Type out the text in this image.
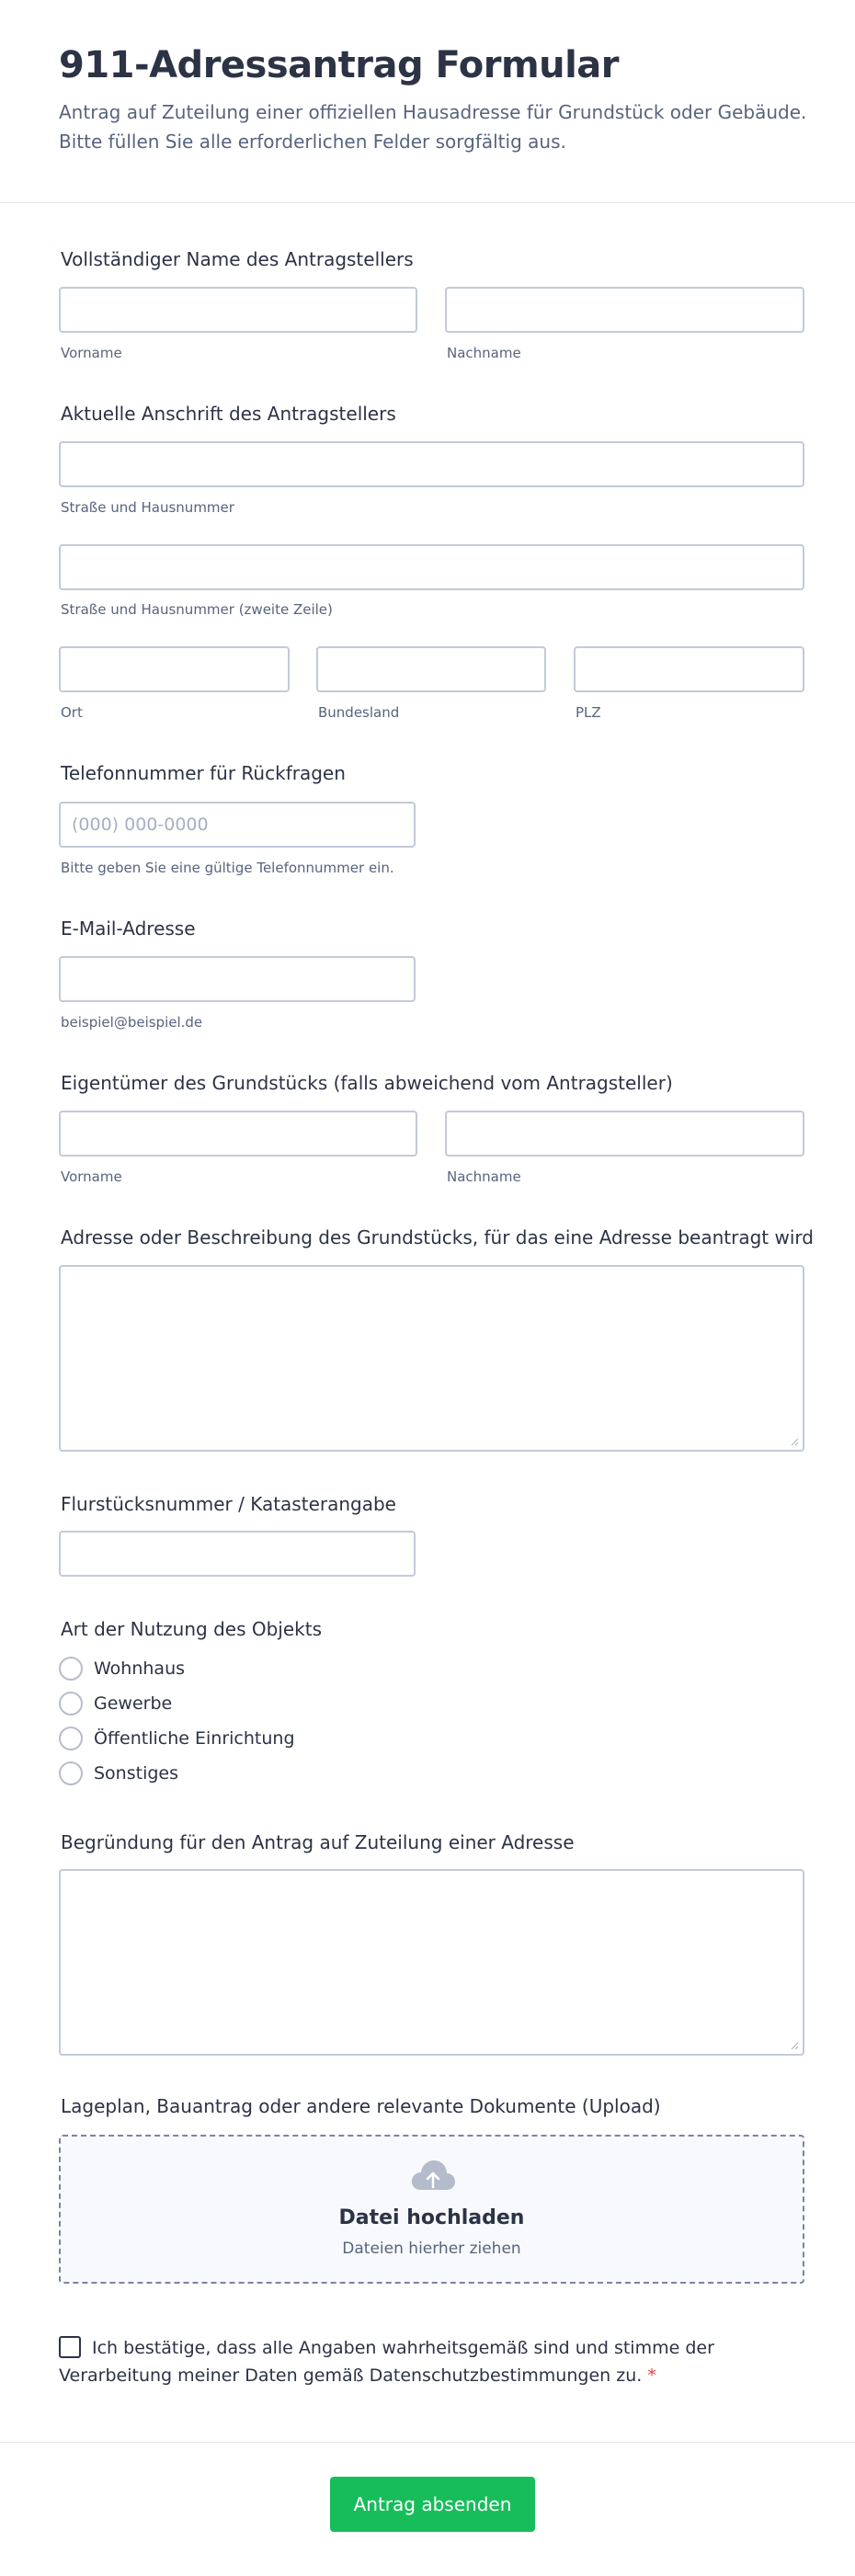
911-Adressantrag Formular

Antrag auf Zuteilung einer offiziellen Hausadresse für Grundstück oder Gebäude. Bitte füllen Sie alle erforderlichen Felder sorgfältig aus.

Vollständiger Name des Antragstellers
Vorname	Nachname
Aktuelle Anschrift des Antragstellers
Straße und Hausnummer
Straße und Hausnummer (zweite Zeile)
Ort	Bundesland	PLZ
Telefonnummer für Rückfragen
(000) 000-0000
Bitte geben Sie eine gültige Telefonnummer ein.
E-Mail-Adresse
beispiel@beispiel.de
Eigentümer des Grundstücks (falls abweichend vom Antragsteller)
Vorname	Nachname
Adresse oder Beschreibung des Grundstücks, für das eine Adresse beantragt wird
Flurstücksnummer / Katasterangabe
Art der Nutzung des Objekts
Wohnhaus
Gewerbe
Öffentliche Einrichtung
Sonstiges
Begründung für den Antrag auf Zuteilung einer Adresse
Lageplan, Bauantrag oder andere relevante Dokumente (Upload)
Datei hochladen
Dateien hierher ziehen
Ich bestätige, dass alle Angaben wahrheitsgemäß sind und stimme der Verarbeitung meiner Daten gemäß Datenschutzbestimmungen zu. *
Antrag absenden
